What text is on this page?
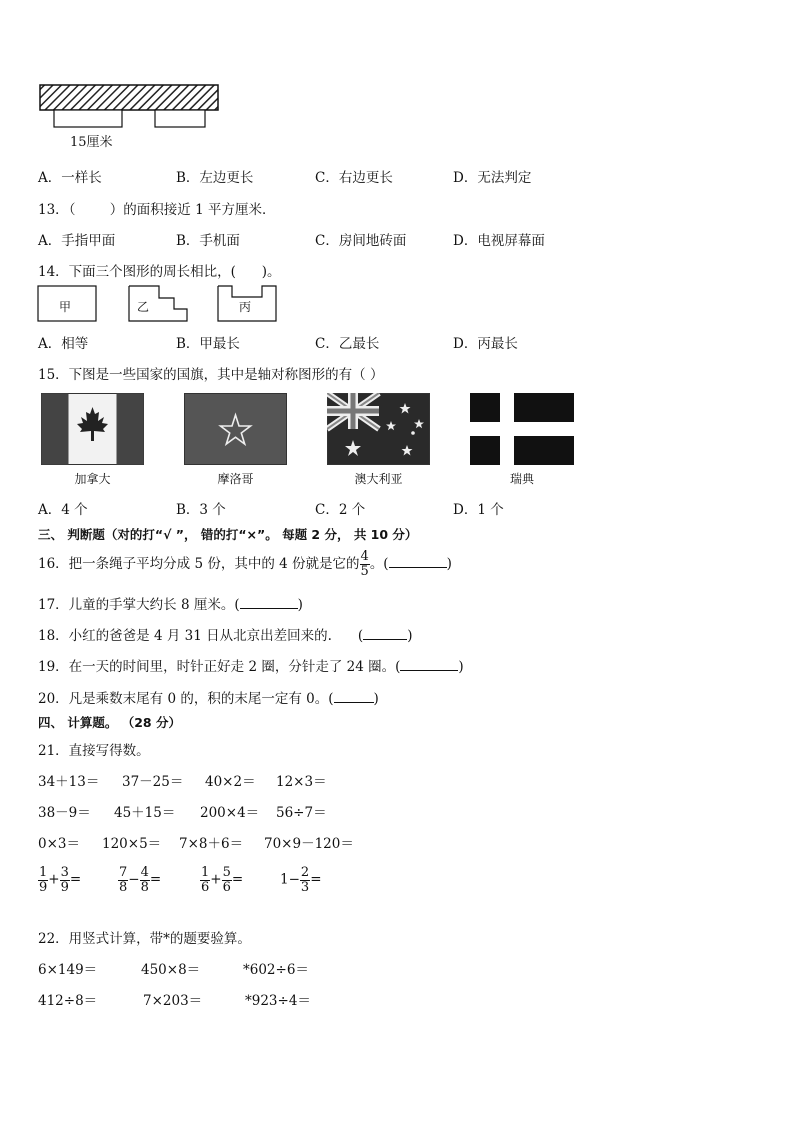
15厘米
A．一样长	B．左边更长	C．右边更长	D．无法判定
13．（        ）的面积接近 1 平方厘米．
A．手指甲面	B．手机面	C．房间地砖面	D．电视屏幕面
14．下面三个图形的周长相比，(      )。
甲	乙	丙
A．相等	B．甲最长	C．乙最长	D．丙最长
15．下图是一些国家的国旗，其中是轴对称图形的有（ ）
加拿大	摩洛哥	澳大利亚	瑞典
A．4 个	B．3 个	C．2 个	D．1 个
三、 判断题（对的打“√ ”， 错的打“×”。 每题 2 分， 共 10 分）
16．把一条绳子平均分成 5 份，其中的 4 份就是它的 $\frac{4}{5}$ 。(	)
17．儿童的手掌大约长 8 厘米。(	)
18．小红的爸爸是 4 月 31 日从北京出差回来的. (	)
19．在一天的时间里，时针正好走 2 圈，分针走了 24 圈。(	)
20．凡是乘数末尾有 0 的，积的末尾一定有 0。(	)
四、 计算题。 （28 分）
21．直接写得数。
34＋13＝ 37－25＝ 40×2＝ 12×3＝
38－9＝ 45＋15＝ 200×4＝ 56÷7＝
0×3＝ 120×5＝ 7×8＋6＝ 70×9－120＝
$\frac{1}{9} + \frac{3}{9}$ =	$\frac{7}{8} - \frac{4}{8}$ =	$\frac{1}{6} + \frac{5}{6}$ =	$1- \frac{2}{3}$ =
22．用竖式计算，带*的题要验算。
6×149＝	450×8＝	*602÷6＝
412÷8＝	7×203＝	*923÷4＝
